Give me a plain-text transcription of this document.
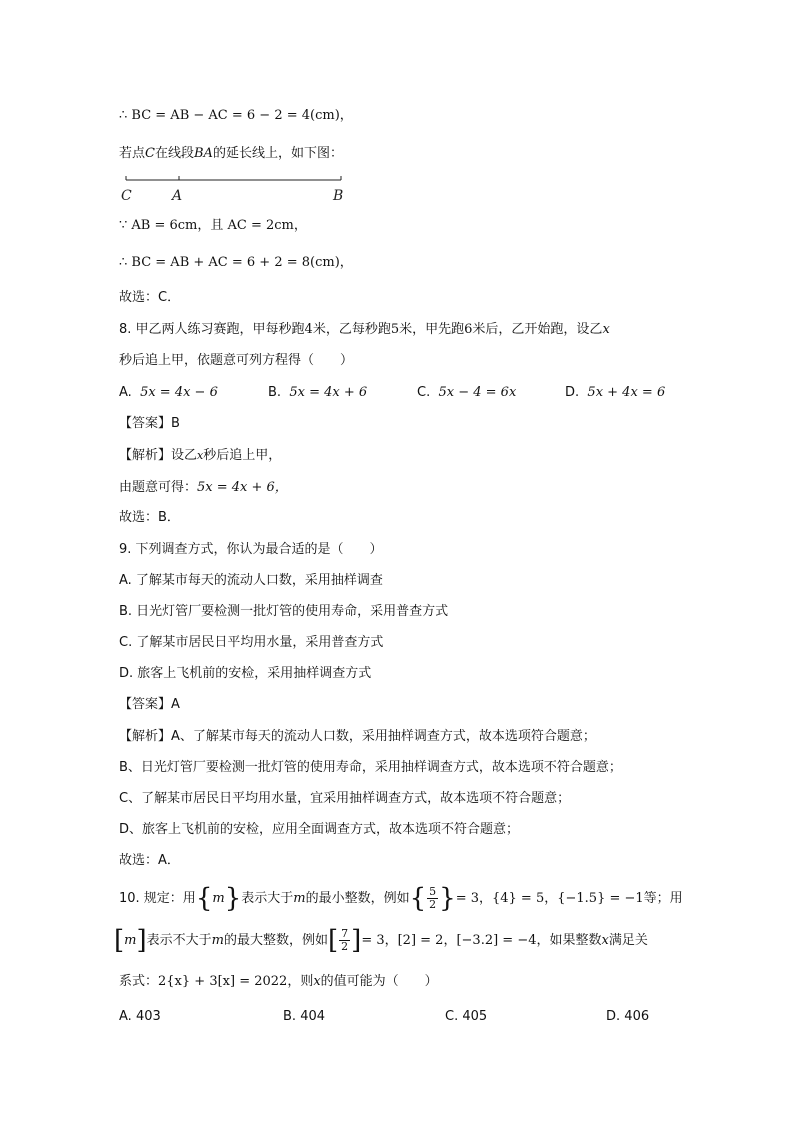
∴ BC = AB − AC = 6 − 2 = 4(cm)，
若点C在线段BA的延长线上，如下图：
C	A	B
∵ AB = 6cm，且 AC = 2cm，
∴ BC = AB + AC = 6 + 2 = 8(cm)，
故选：C．
8. 甲乙两人练习赛跑，甲每秒跑4米，乙每秒跑5米，甲先跑6米后，乙开始跑，设乙x
秒后追上甲，依题意可列方程得（　　）
A. 5x = 4x − 6	B. 5x = 4x + 6	C. 5x − 4 = 6x	D. 5x + 4x = 6
【答案】B
【解析】设乙$^x$秒后追上甲，
由题意可得：5x = 4x + 6，
故选：B．
9. 下列调查方式，你认为最合适的是（　　）
A. 了解某市每天的流动人口数，采用抽样调查
B. 日光灯管厂要检测一批灯管的使用寿命，采用普查方式
C. 了解某市居民日平均用水量，采用普查方式
D. 旅客上飞机前的安检，采用抽样调查方式
【答案】A
【解析】A、了解某市每天的流动人口数，采用抽样调查方式，故本选项符合题意；
B、日光灯管厂要检测一批灯管的使用寿命，采用抽样调查方式，故本选项不符合题意；
C、了解某市居民日平均用水量，宜采用抽样调查方式，故本选项不符合题意；
D、旅客上飞机前的安检，应用全面调查方式，故本选项不符合题意；
故选：A．
10. 规定：用{m}表示大于m的最小整数，例如{ $\frac{5}{2}$ }= 3，{4} = 5，{−1.5} = −1等；用
[m]表示不大于m的最大整数，例如[ $\frac{7}{2}$ ]= 3，[2] = 2，[−3.2] = −4，如果整数x满足关
系式：2{x} + 3[x] = 2022，则x的值可能为（　　）
A. 403	B. 404	C. 405	D. 406
